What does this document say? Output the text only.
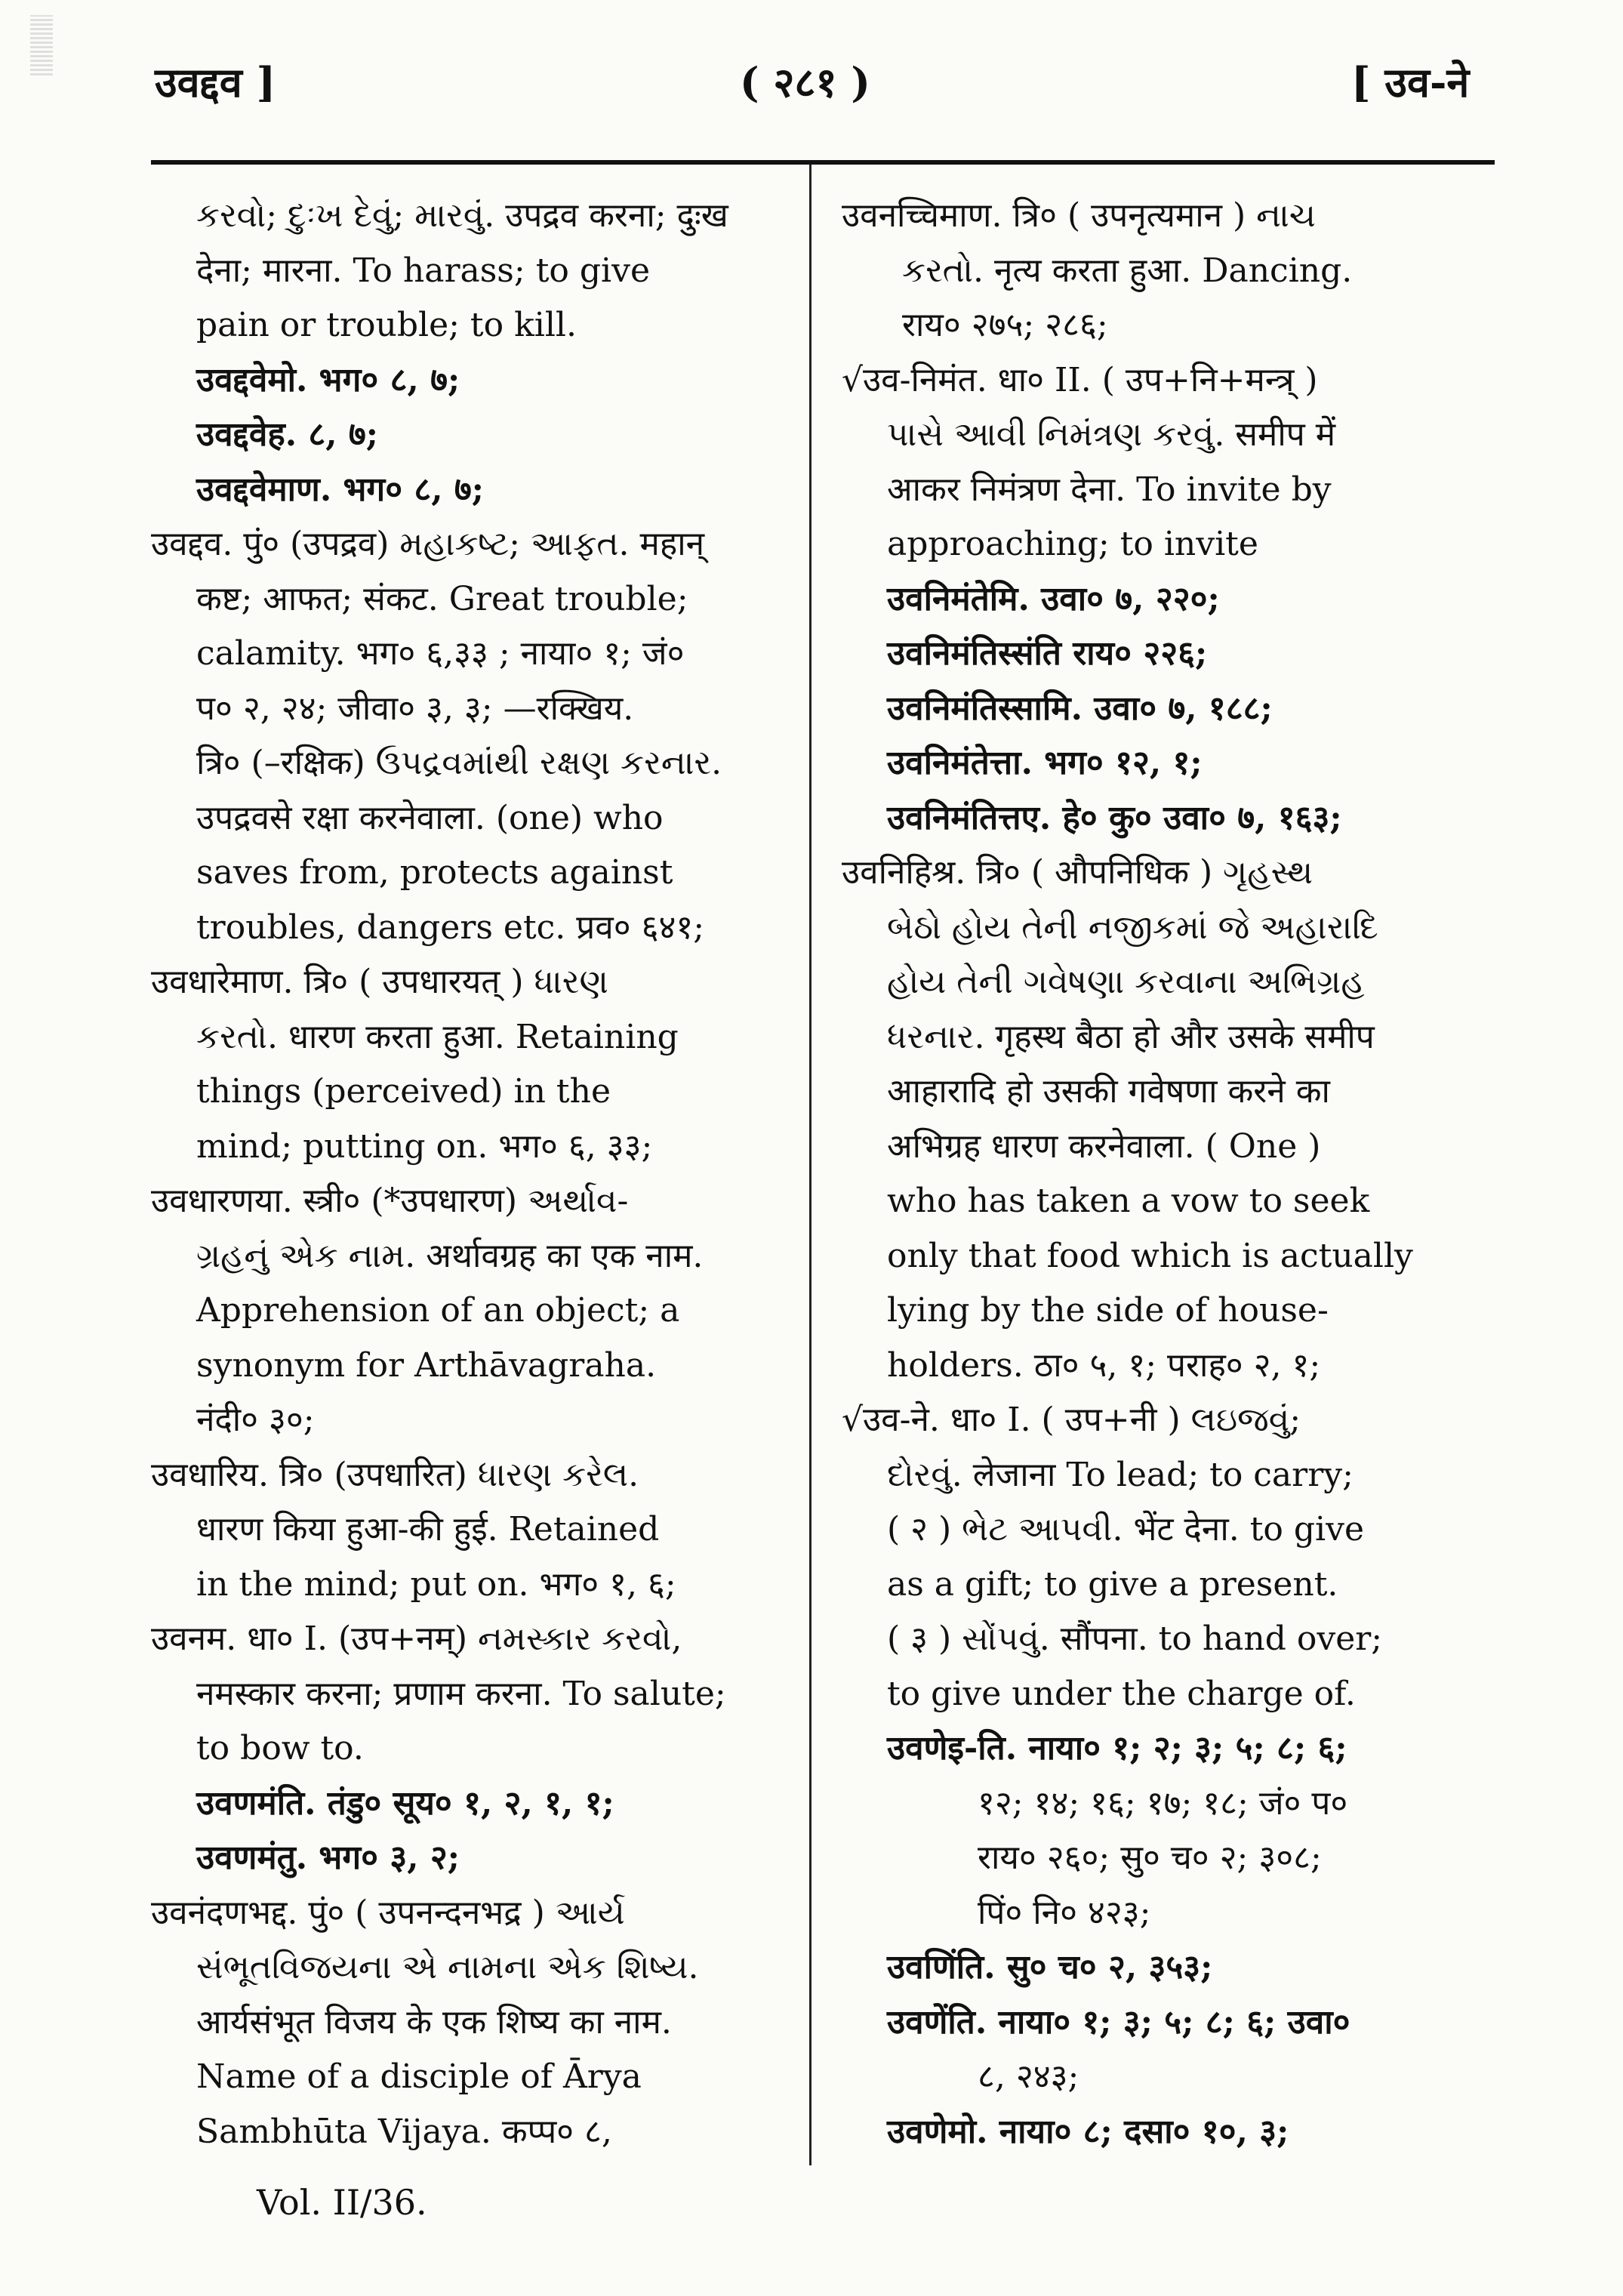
उवद्दव ]	( २८१ )	[ उव-ने
કરવો; દુઃખ દેવું; મારવું. उपद्रव करना; दुःख
देना; मारना. To harass; to give
pain or trouble; to kill.
उवद्दवेमो. भग० ८, ७;
उवद्दवेह. ८, ७;
उवद्दवेमाण. भग० ८, ७;
उवद्दव. पुं० (उपद्रव) મહાકષ્ટ; આફત. महान्
कष्ट; आफत; संकट. Great trouble;
calamity. भग० ६,३३ ; नाया० १; जं०
प० २, २४; जीवा० ३, ३; —रक्खिय.
त्रि० (–रक्षिक) ઉપદ્રવમાંથી રક્ષણ કરનાર.
उपद्रवसे रक्षा करनेवाला. (one) who
saves from, protects against
troubles, dangers etc. प्रव० ६४१;
उवधारेमाण. त्रि० ( उपधारयत् ) ધારણ
કરતો. धारण करता हुआ. Retaining
things (perceived) in the
mind; putting on. भग० ६, ३३;
उवधारणया. स्त्री० (*उपधारण) અર્થાવ-
ગ્રહનું એક નામ. अर्थावग्रह का एक नाम.
Apprehension of an object; a
synonym for Arthāvagraha.
नंदी० ३०;
उवधारिय. त्रि० (उपधारित) ધારણ કરેલ.
धारण किया हुआ-की हुई. Retained
in the mind; put on. भग० १, ६;
उवनम. धा० I. (उप+नम्) નમસ્કાર કરવો,
नमस्कार करना; प्रणाम करना. To salute;
to bow to.
उवणमंति. तंडु० सूय० १, २, १, १;
उवणमंतु. भग० ३, २;
उवनंदणभद्द. पुं० ( उपनन्दनभद्र ) આર્ય
સંભૂતવિજયના એ નામના એક શિષ્ય.
आर्यसंभूत विजय के एक शिष्य का नाम.
Name of a disciple of Ārya
Sambhūta Vijaya. कप्प० ८,
उवनच्चिमाण. त्रि० ( उपनृत्यमान ) નાચ
કરતો. नृत्य करता हुआ. Dancing.
राय० २७५; २८६;
√उव-निमंत. धा० II. ( उप+नि+मन्त्र् )
પાસે આવી નિમંત્રણ કરવું. समीप में
आकर निमंत्रण देना. To invite by
approaching; to invite
उवनिमंतेमि. उवा० ७, २२०;
उवनिमंतिस्संति राय० २२६;
उवनिमंतिस्सामि. उवा० ७, १८८;
उवनिमंतेत्ता. भग० १२, १;
उवनिमंतित्तए. हे० कु० उवा० ७, १६३;
उवनिहिश्र. त्रि० ( औपनिधिक ) ગૃહસ્થ
બેઠો હોય તેની નજીકમાં જે અહારાદિ
હોય તેની ગવેષણા કરવાના અભિગ્રહ
ધરનાર. गृहस्थ बैठा हो और उसके समीप
आहारादि हो उसकी गवेषणा करने का
अभिग्रह धारण करनेवाला. ( One )
who has taken a vow to seek
only that food which is actually
lying by the side of house-
holders. ठा० ५, १; पराह० २, १;
√उव-ने. धा० I. ( उप+नी ) લઇજવું;
દોરવું. लेजाना To lead; to carry;
( २ ) ભેટ આપવી. भेंट देना. to give
as a gift; to give a present.
( ३ ) સોંપવું. सौंपना. to hand over;
to give under the charge of.
उवणेइ-ति. नाया० १; २; ३; ५; ८; ६;
१२; १४; १६; १७; १८; जं० प०
राय० २६०; सु० च० २; ३०८;
पिं० नि० ४२३;
उवणिंति. सु० च० २, ३५३;
उवणेंति. नाया० १; ३; ५; ८; ६; उवा०
८, २४३;
उवणेमो. नाया० ८; दसा० १०, ३;
Vol. II/36.
